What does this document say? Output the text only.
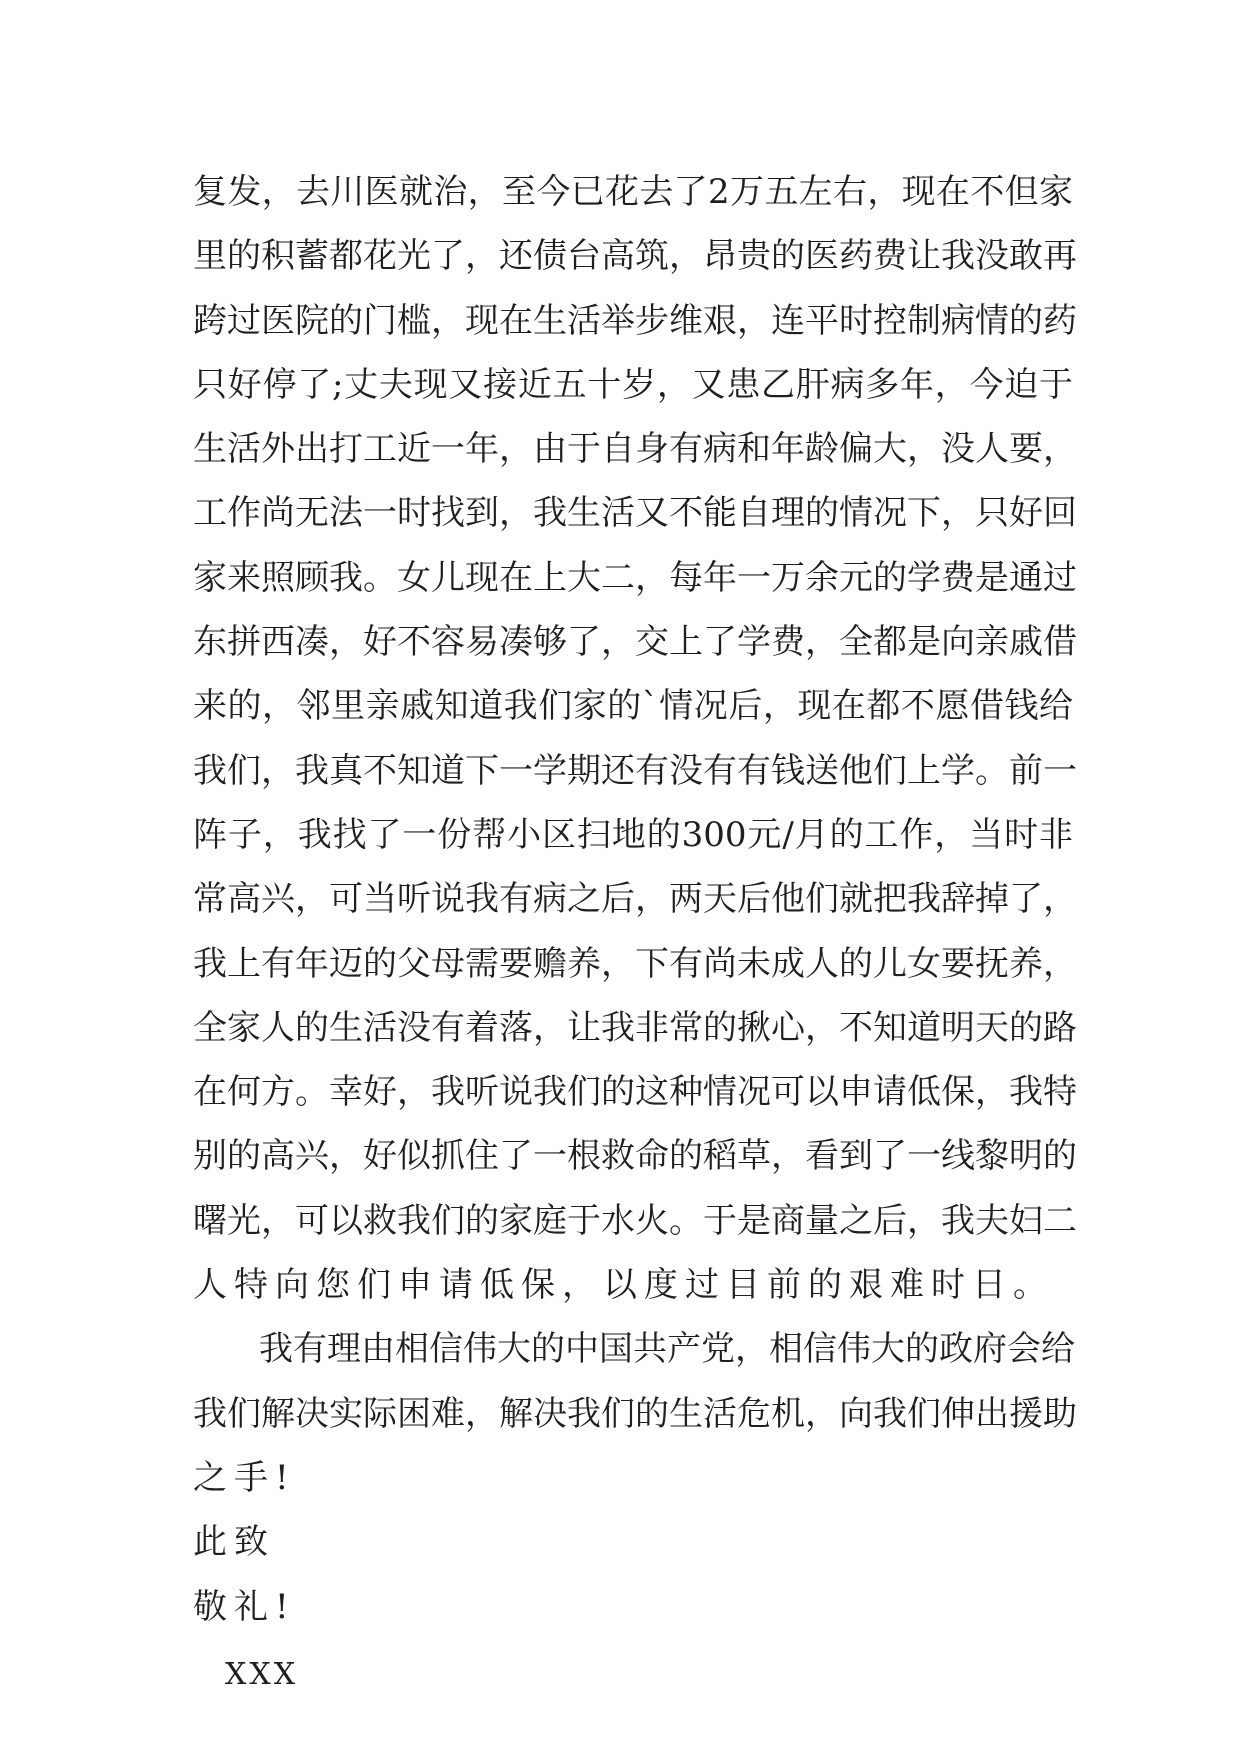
复发，去川医就治，至今已花去了2万五左右，现在不但家
里的积蓄都花光了，还债台高筑，昂贵的医药费让我没敢再
跨过医院的门槛，现在生活举步维艰，连平时控制病情的药
只好停了;丈夫现又接近五十岁，又患乙肝病多年，今迫于
生活外出打工近一年，由于自身有病和年龄偏大，没人要，
工作尚无法一时找到，我生活又不能自理的情况下，只好回
家来照顾我。女儿现在上大二，每年一万余元的学费是通过
东拼西凑，好不容易凑够了，交上了学费，全都是向亲戚借
来的，邻里亲戚知道我们家的`情况后，现在都不愿借钱给
我们，我真不知道下一学期还有没有有钱送他们上学。前一
阵子，我找了一份帮小区扫地的300元/月的工作，当时非
常高兴，可当听说我有病之后，两天后他们就把我辞掉了，
我上有年迈的父母需要赡养，下有尚未成人的儿女要抚养，
全家人的生活没有着落，让我非常的揪心，不知道明天的路
在何方。幸好，我听说我们的这种情况可以申请低保，我特
别的高兴，好似抓住了一根救命的稻草，看到了一线黎明的
曙光，可以救我们的家庭于水火。于是商量之后，我夫妇二
人特向您们申请低保，以度过目前的艰难时日。
我有理由相信伟大的中国共产党，相信伟大的政府会给
我们解决实际困难，解决我们的生活危机，向我们伸出援助
之手!
此致
敬礼!
XXX
